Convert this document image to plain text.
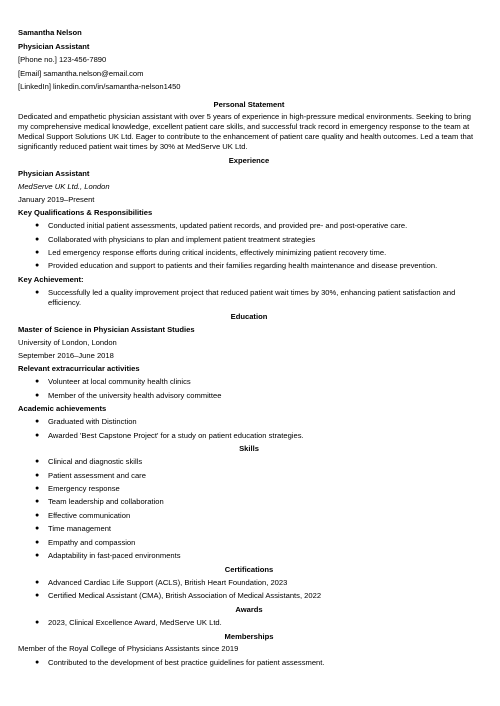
Samantha Nelson
Physician Assistant
[Phone no.] 123-456-7890
[Email] samantha.nelson@email.com
[LinkedIn] linkedin.com/in/samantha-nelson1450
Personal Statement

Dedicated and empathetic physician assistant with over 5 years of experience in high-pressure medical environments. Seeking to bring my comprehensive medical knowledge, excellent patient care skills, and successful track record in emergency response to the team at Medical Support Solutions UK Ltd. Eager to contribute to the enhancement of patient care quality and health outcomes. Led a team that significantly reduced patient wait times by 30% at MedServe UK Ltd.

Experience
Physician Assistant
MedServe UK Ltd., London
January 2019–Present
Key Qualifications & Responsibilities
● Conducted initial patient assessments, updated patient records, and provided pre- and post-operative care.
● Collaborated with physicians to plan and implement patient treatment strategies
● Led emergency response efforts during critical incidents, effectively minimizing patient recovery time.
● Provided education and support to patients and their families regarding health maintenance and disease prevention.
Key Achievement:
● Successfully led a quality improvement project that reduced patient wait times by 30%, enhancing patient satisfaction and efficiency.
Education
Master of Science in Physician Assistant Studies
University of London, London
September 2016–June 2018
Relevant extracurricular activities
● Volunteer at local community health clinics
● Member of the university health advisory committee
Academic achievements
● Graduated with Distinction
● Awarded 'Best Capstone Project' for a study on patient education strategies.
Skills
● Clinical and diagnostic skills
● Patient assessment and care
● Emergency response
● Team leadership and collaboration
● Effective communication
● Time management
● Empathy and compassion
● Adaptability in fast-paced environments
Certifications
● Advanced Cardiac Life Support (ACLS), British Heart Foundation, 2023
● Certified Medical Assistant (CMA), British Association of Medical Assistants, 2022
Awards
● 2023, Clinical Excellence Award, MedServe UK Ltd.
Memberships
Member of the Royal College of Physicians Assistants since 2019
● Contributed to the development of best practice guidelines for patient assessment.
